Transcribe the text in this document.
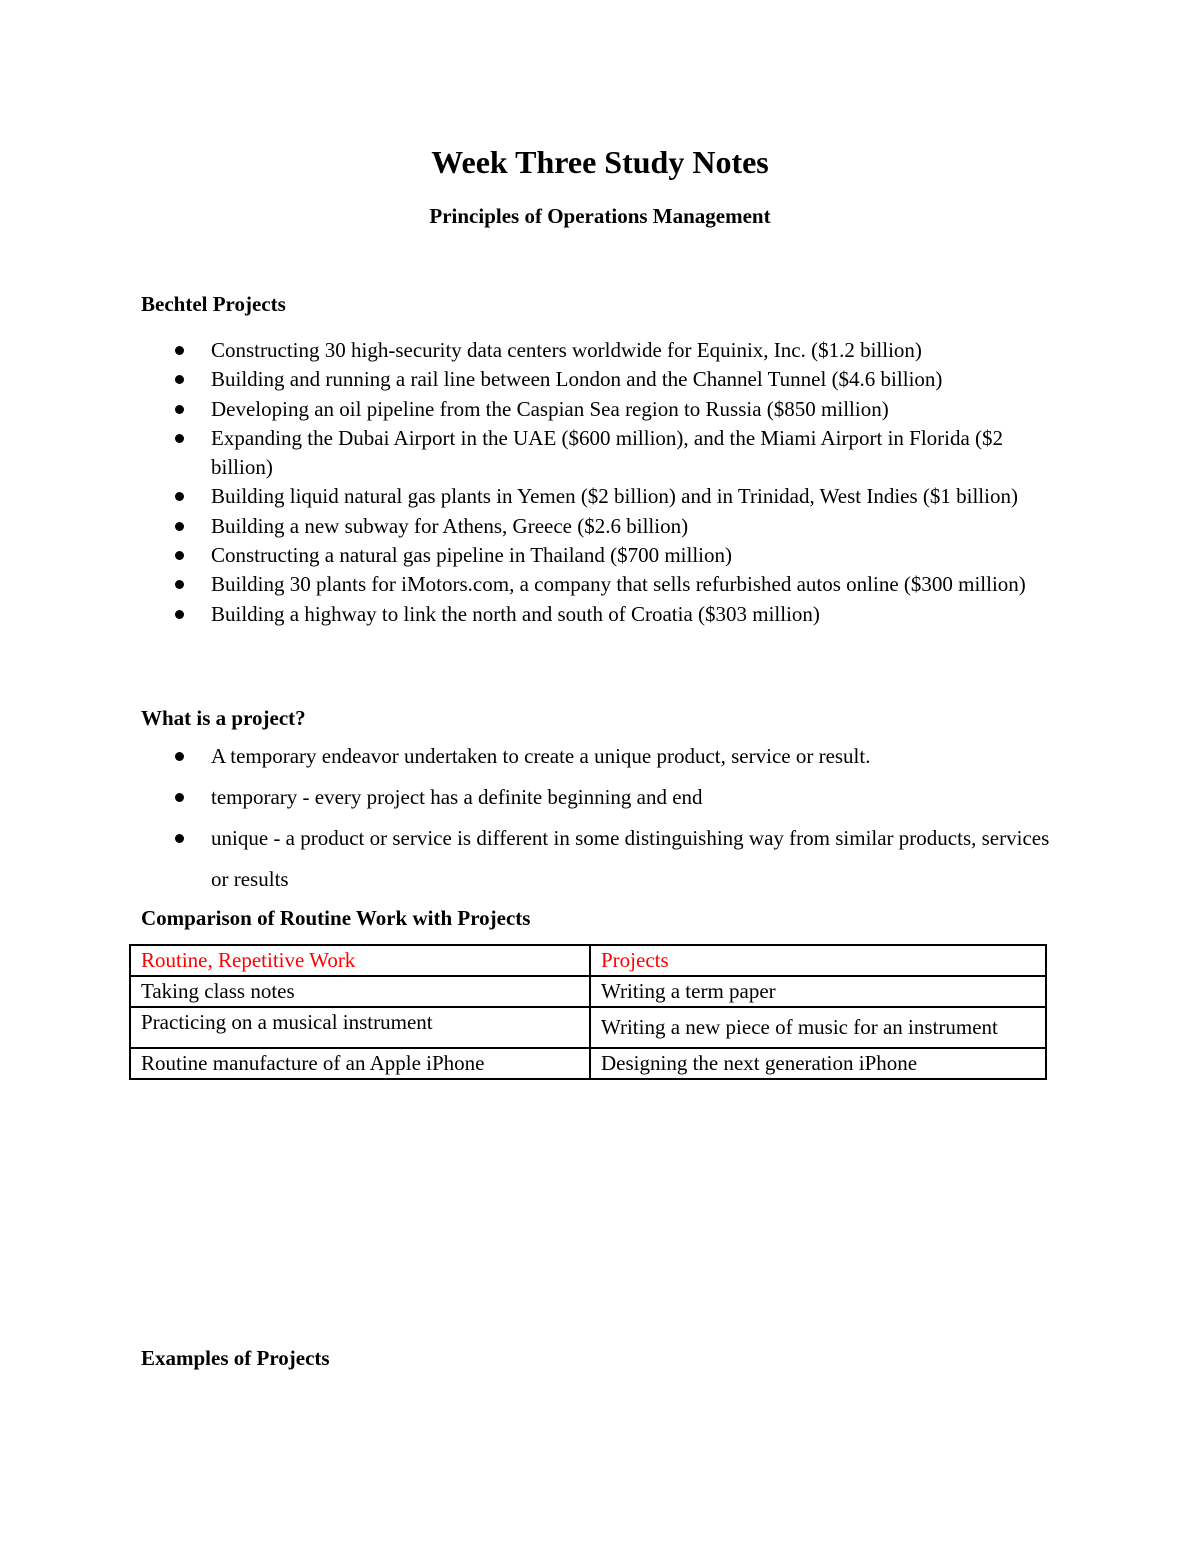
Week Three Study Notes
Principles of Operations Management
Bechtel Projects
Constructing 30 high-security data centers worldwide for Equinix, Inc. ($1.2 billion)
Building and running a rail line between London and the Channel Tunnel ($4.6 billion)
Developing an oil pipeline from the Caspian Sea region to Russia ($850 million)
Expanding the Dubai Airport in the UAE ($600 million), and the Miami Airport in Florida ($2 billion)
Building liquid natural gas plants in Yemen ($2 billion) and in Trinidad, West Indies ($1 billion)
Building a new subway for Athens, Greece ($2.6 billion)
Constructing a natural gas pipeline in Thailand ($700 million)
Building 30 plants for iMotors.com, a company that sells refurbished autos online ($300 million)
Building a highway to link the north and south of Croatia ($303 million)
What is a project?
A temporary endeavor undertaken to create a unique product, service or result.
temporary - every project has a definite beginning and end
unique - a product or service is different in some distinguishing way from similar products, services or results
Comparison of Routine Work with Projects
Routine, Repetitive Work	Projects
Taking class notes	Writing a term paper
Practicing on a musical instrument	Writing a new piece of music for an instrument
Routine manufacture of an Apple iPhone	Designing the next generation iPhone
Examples of Projects
